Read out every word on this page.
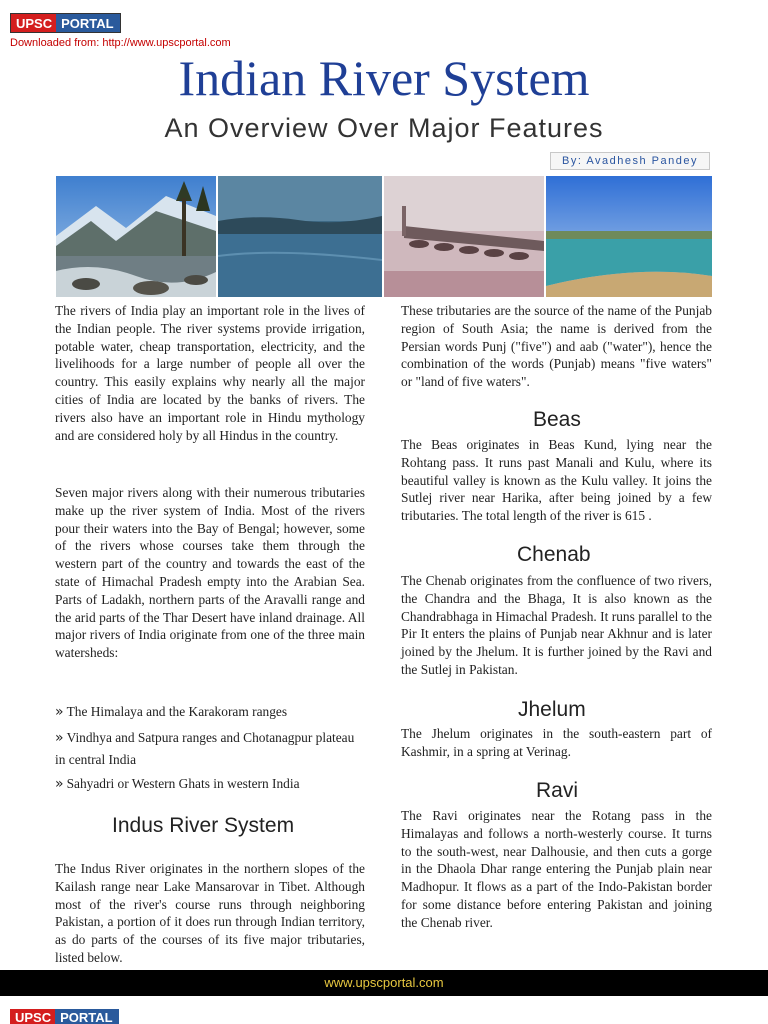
UPSC PORTAL
Downloaded from: http://www.upscportal.com
Indian River System
An Overview Over Major Features
By: Avadhesh Pandey

The rivers of India play an important role in the lives of the Indian people. The river systems provide irrigation, potable water, cheap transportation, electricity, and the livelihoods for a large number of people all over the country. This easily explains why nearly all the major cities of India are located by the banks of rivers. The rivers also have an important role in Hindu mythology and are considered holy by all Hindus in the country.

Seven major rivers along with their numerous tributaries make up the river system of India. Most of the rivers pour their waters into the Bay of Bengal; however, some of the rivers whose courses take them through the western part of the country and towards the east of the state of Himachal Pradesh empty into the Arabian Sea. Parts of Ladakh, northern parts of the Aravalli range and the arid parts of the Thar Desert have inland drainage. All major rivers of India originate from one of the three main watersheds:

» The Himalaya and the Karakoram ranges
» Vindhya and Satpura ranges and Chotanagpur plateau in central India
» Sahyadri or Western Ghats in western India
Indus River System

The Indus River originates in the northern slopes of the Kailash range near Lake Mansarovar in Tibet. Although most of the river's course runs through neighboring Pakistan, a portion of it does run through Indian territory, as do parts of the courses of its five major tributaries, listed below.

These tributaries are the source of the name of the Punjab region of South Asia; the name is derived from the Persian words Punj ("five") and aab ("water"), hence the combination of the words (Punjab) means "five waters" or "land of five waters".

Beas

The Beas originates in Beas Kund, lying near the Rohtang pass. It runs past Manali and Kulu, where its beautiful valley is known as the Kulu valley. It joins the Sutlej river near Harika, after being joined by a few tributaries. The total length of the river is 615 .

Chenab

The Chenab originates from the confluence of two rivers, the Chandra and the Bhaga, It is also known as the Chandrabhaga in Himachal Pradesh. It runs parallel to the Pir It enters the plains of Punjab near Akhnur and is later joined by the Jhelum. It is further joined by the Ravi and the Sutlej in Pakistan.

Jhelum

The Jhelum originates in the south-eastern part of Kashmir, in a spring at Verinag.

Ravi

The Ravi originates near the Rotang pass in the Himalayas and follows a north-westerly course. It turns to the south-west, near Dalhousie, and then cuts a gorge in the Dhaola Dhar range entering the Punjab plain near Madhopur. It flows as a part of the Indo-Pakistan border for some distance before entering Pakistan and joining the Chenab river.

www.upscportal.com
UPSC PORTAL
